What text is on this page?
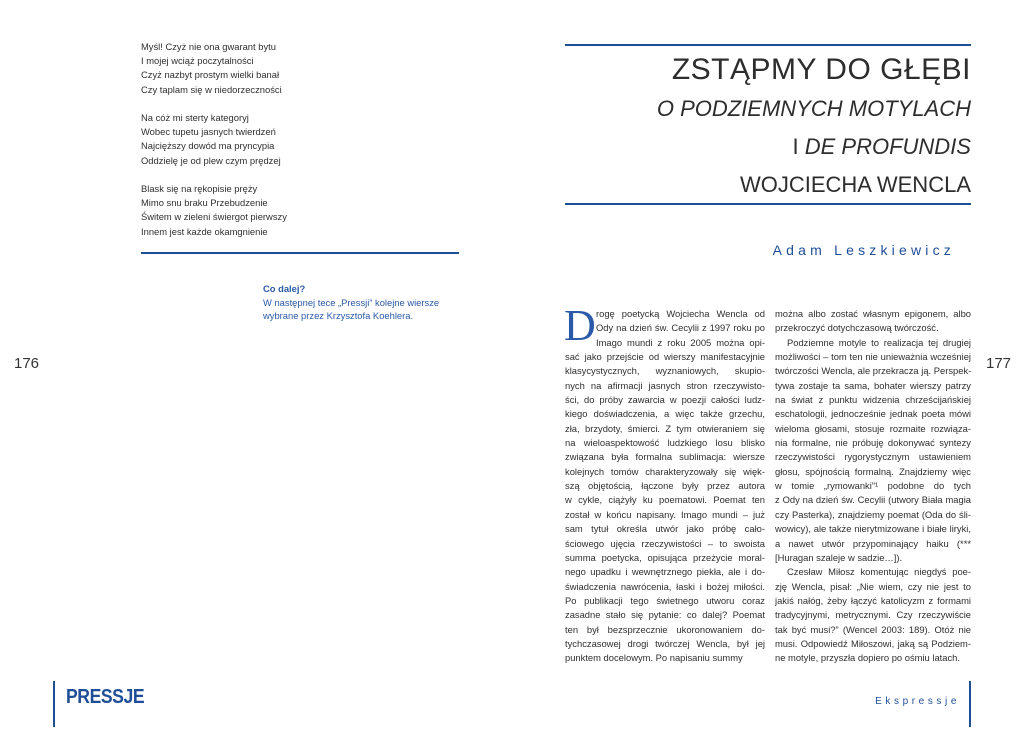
Myśl! Czyż nie ona gwarant bytu
I mojej wciąż poczytalności
Czyż nazbyt prostym wielki banał
Czy taplam się w niedorzeczności
Na cóż mi sterty kategoryj
Wobec tupetu jasnych twierdzeń
Najcięższy dowód ma pryncypia
Oddzielę je od plew czym prędzej
Blask się na rękopisie pręży
Mimo snu braku Przebudzenie
Świtem w zieleni świergot pierwszy
Innem jest każde okamgnienie
Co dalej?
W następnej tece „Pressji” kolejne wiersze
wybrane przez Krzysztofa Koehlera.
176
PRESSJE
ZSTĄPMY DO GŁĘBI
O PODZIEMNYCH MOTYLACH
I DE PROFUNDIS
WOJCIECHA WENCLA
Adam Leszkiewicz
D rogę poetycką Wojciecha Wencla od
Ody na dzień św. Cecylii z 1997 roku po
Imago mundi z roku 2005 można opi-
sać jako przejście od wierszy manifestacyjnie
klasycystycznych, wyznaniowych, skupio-
nych na afirmacji jasnych stron rzeczywisto-
ści, do próby zawarcia w poezji całości ludz-
kiego doświadczenia, a więc także grzechu,
zła, brzydoty, śmierci. Z tym otwieraniem się
na wieloaspektowość ludzkiego losu blisko
związana była formalna sublimacja: wiersze
kolejnych tomów charakteryzowały się więk-
szą objętością, łączone były przez autora
w cykle, ciążyły ku poematowi. Poemat ten
został w końcu napisany. Imago mundi – już
sam tytuł określa utwór jako próbę cało-
ściowego ujęcia rzeczywistości – to swoista
summa poetycka, opisująca przeżycie moral-
nego upadku i wewnętrznego piekła, ale i do-
świadczenia nawrócenia, łaski i bożej miłości.
Po publikacji tego świetnego utworu coraz
zasadne stało się pytanie: co dalej? Poemat
ten był bezsprzecznie ukoronowaniem do-
tychczasowej drogi twórczej Wencla, był jej
punktem docelowym. Po napisaniu summy
można albo zostać własnym epigonem, albo
przekroczyć dotychczasową twórczość.
Podziemne motyle to realizacja tej drugiej
możliwości – tom ten nie unieważnia wcześniej
twórczości Wencla, ale przekracza ją. Perspek-
tywa zostaje ta sama, bohater wierszy patrzy
na świat z punktu widzenia chrześcijańskiej
eschatologii, jednocześnie jednak poeta mówi
wieloma głosami, stosuje rozmaite rozwiąza-
nia formalne, nie próbuję dokonywać syntezy
rzeczywistości rygorystycznym ustawieniem
głosu, spójnością formalną. Znajdziemy więc
w tomie „rymowanki”¹ podobne do tych
z Ody na dzień św. Cecylii (utwory Biała magia
czy Pasterka), znajdziemy poemat (Oda do śli-
wowicy), ale także nierytmizowane i białe liryki,
a nawet utwór przypominający haiku (***
[Huragan szaleje w sadzie…]).
Czesław Miłosz komentując niegdyś poe-
zję Wencla, pisał: „Nie wiem, czy nie jest to
jakiś nałóg, żeby łączyć katolicyzm z formami
tradycyjnymi, metrycznymi. Czy rzeczywiście
tak być musi?” (Wencel 2003: 189). Otóż nie
musi. Odpowiedź Miłoszowi, jaką są Podziem-
ne motyle, przyszła dopiero po ośmiu latach.
177
Ekspressje
